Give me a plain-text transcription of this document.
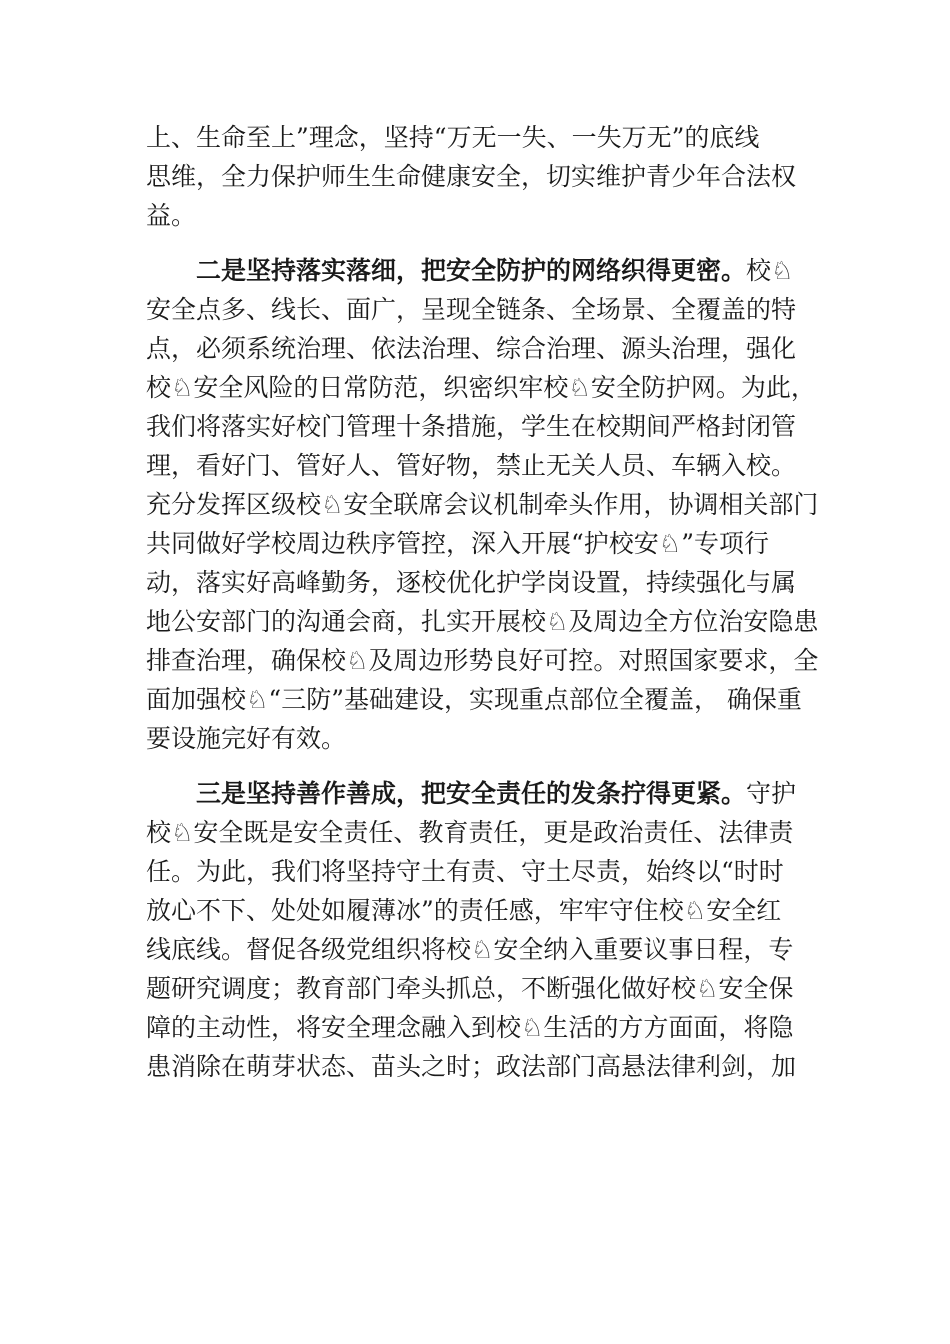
上、生命至上”理念，坚持“万无一失、一失万无”的底线
思维，全力保护师生生命健康安全，切实维护青少年合法权
益。
二是坚持落实落细，把安全防护的网络织得更密。校♘
安全点多、线长、面广，呈现全链条、全场景、全覆盖的特
点，必须系统治理、依法治理、综合治理、源头治理，强化
校♘安全风险的日常防范，织密织牢校♘安全防护网。为此，
我们将落实好校门管理十条措施，学生在校期间严格封闭管
理，看好门、管好人、管好物，禁止无关人员、车辆入校。
充分发挥区级校♘安全联席会议机制牵头作用，协调相关部门
共同做好学校周边秩序管控，深入开展“护校安♘”专项行
动，落实好高峰勤务，逐校优化护学岗设置，持续强化与属
地公安部门的沟通会商，扎实开展校♘及周边全方位治安隐患
排查治理，确保校♘及周边形势良好可控。对照国家要求，全
面加强校♘“三防”基础建设，实现重点部位全覆盖， 确保重
要设施完好有效。
三是坚持善作善成，把安全责任的发条拧得更紧。守护
校♘安全既是安全责任、教育责任，更是政治责任、法律责
任。为此，我们将坚持守土有责、守土尽责，始终以“时时
放心不下、处处如履薄冰”的责任感，牢牢守住校♘安全红
线底线。督促各级党组织将校♘安全纳入重要议事日程，专
题研究调度；教育部门牵头抓总，不断强化做好校♘安全保
障的主动性，将安全理念融入到校♘生活的方方面面，将隐
患消除在萌芽状态、苗头之时；政法部门高悬法律利剑，加
